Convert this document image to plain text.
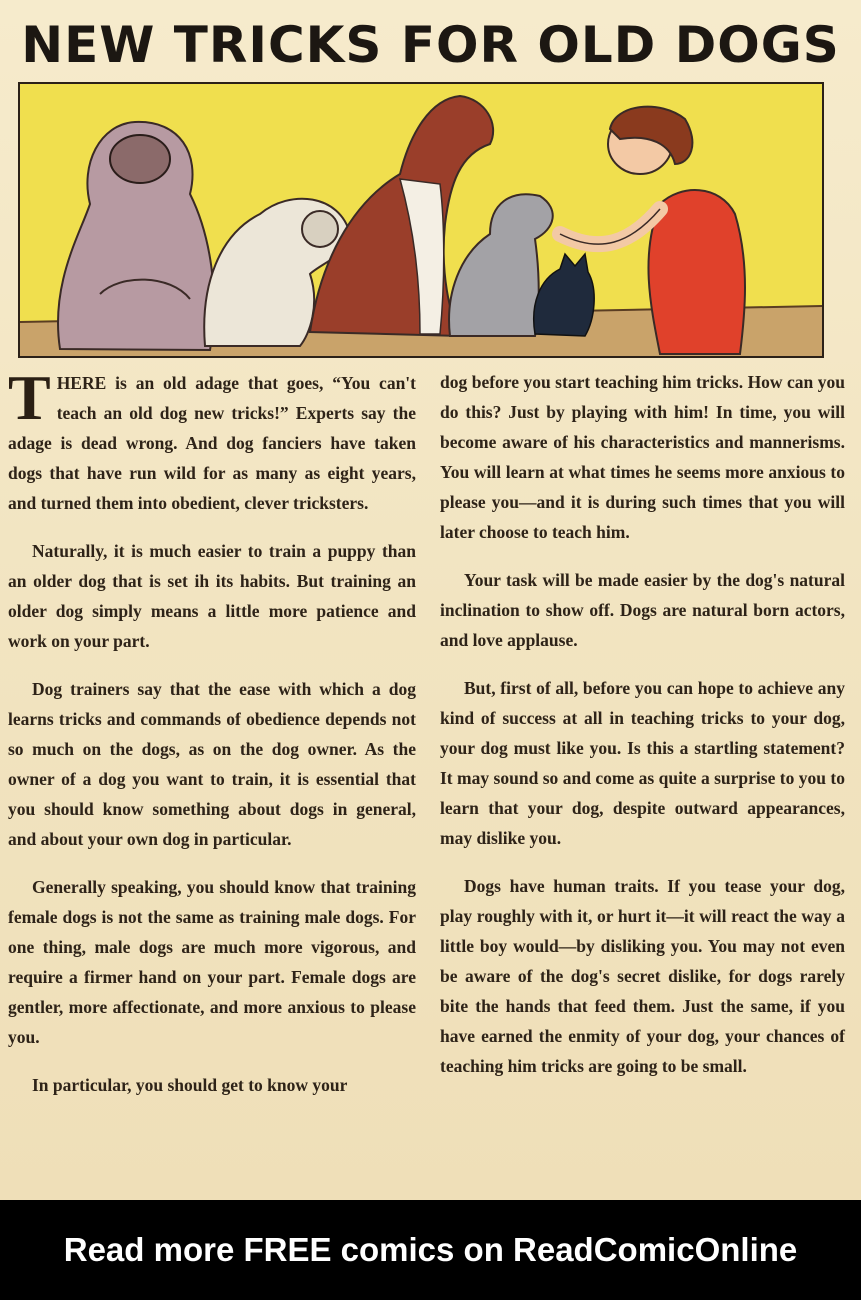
NEW TRICKS FOR OLD DOGS

THERE is an old adage that goes, “You can't teach an old dog new tricks!” Experts say the adage is dead wrong. And dog fanciers have taken dogs that have run wild for as many as eight years, and turned them into obedient, clever tricksters.

Naturally, it is much easier to train a puppy than an older dog that is set ih its habits. But training an older dog simply means a little more patience and work on your part.

Dog trainers say that the ease with which a dog learns tricks and commands of obedience depends not so much on the dogs, as on the dog owner. As the owner of a dog you want to train, it is essential that you should know something about dogs in general, and about your own dog in particular.

Generally speaking, you should know that training female dogs is not the same as training male dogs. For one thing, male dogs are much more vigorous, and require a firmer hand on your part. Female dogs are gentler, more affectionate, and more anxious to please you.

In particular, you should get to know your

dog before you start teaching him tricks. How can you do this? Just by playing with him! In time, you will become aware of his characteristics and mannerisms. You will learn at what times he seems more anxious to please you—and it is during such times that you will later choose to teach him.

Your task will be made easier by the dog's natural inclination to show off. Dogs are natural born actors, and love applause.

But, first of all, before you can hope to achieve any kind of success at all in teaching tricks to your dog, your dog must like you. Is this a startling statement? It may sound so and come as quite a surprise to you to learn that your dog, despite outward appearances, may dislike you.

Dogs have human traits. If you tease your dog, play roughly with it, or hurt it—it will react the way a little boy would—by disliking you. You may not even be aware of the dog's secret dislike, for dogs rarely bite the hands that feed them. Just the same, if you have earned the enmity of your dog, your chances of teaching him tricks are going to be small.

Read more FREE comics on ReadComicOnline
